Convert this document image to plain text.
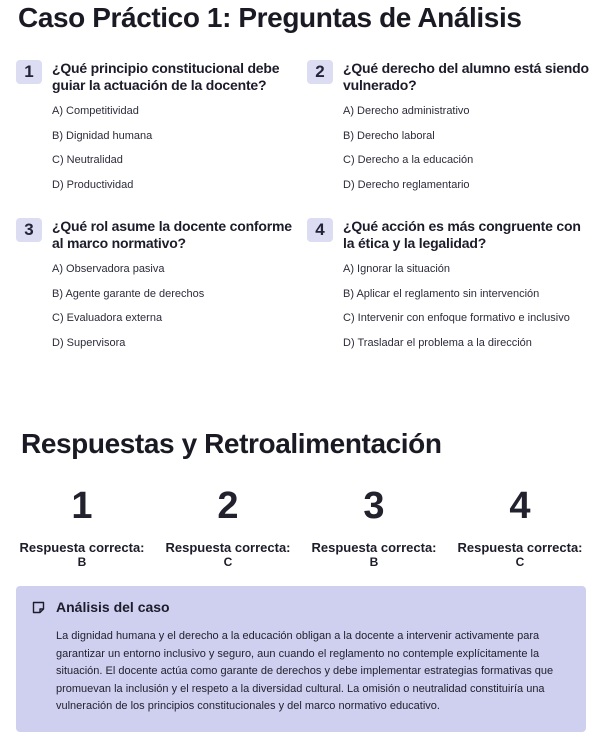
Caso Práctico 1: Preguntas de Análisis
1	¿Qué principio constitucional debe guiar la actuación de la docente?
A) Competitividad
B) Dignidad humana
C) Neutralidad
D) Productividad
2	¿Qué derecho del alumno está siendo vulnerado?
A) Derecho administrativo
B) Derecho laboral
C) Derecho a la educación
D) Derecho reglamentario
3	¿Qué rol asume la docente conforme al marco normativo?
A) Observadora pasiva
B) Agente garante de derechos
C) Evaluadora externa
D) Supervisora
4	¿Qué acción es más congruente con la ética y la legalidad?
A) Ignorar la situación
B) Aplicar el reglamento sin intervención
C) Intervenir con enfoque formativo e inclusivo
D) Trasladar el problema a la dirección
Respuestas y Retroalimentación
1
Respuesta correcta:
B
2
Respuesta correcta:
C
3
Respuesta correcta:
B
4
Respuesta correcta:
C
Análisis del caso
La dignidad humana y el derecho a la educación obligan a la docente a intervenir activamente para garantizar un entorno inclusivo y seguro, aun cuando el reglamento no contemple explícitamente la situación. El docente actúa como garante de derechos y debe implementar estrategias formativas que promuevan la inclusión y el respeto a la diversidad cultural. La omisión o neutralidad constituiría una vulneración de los principios constitucionales y del marco normativo educativo.
